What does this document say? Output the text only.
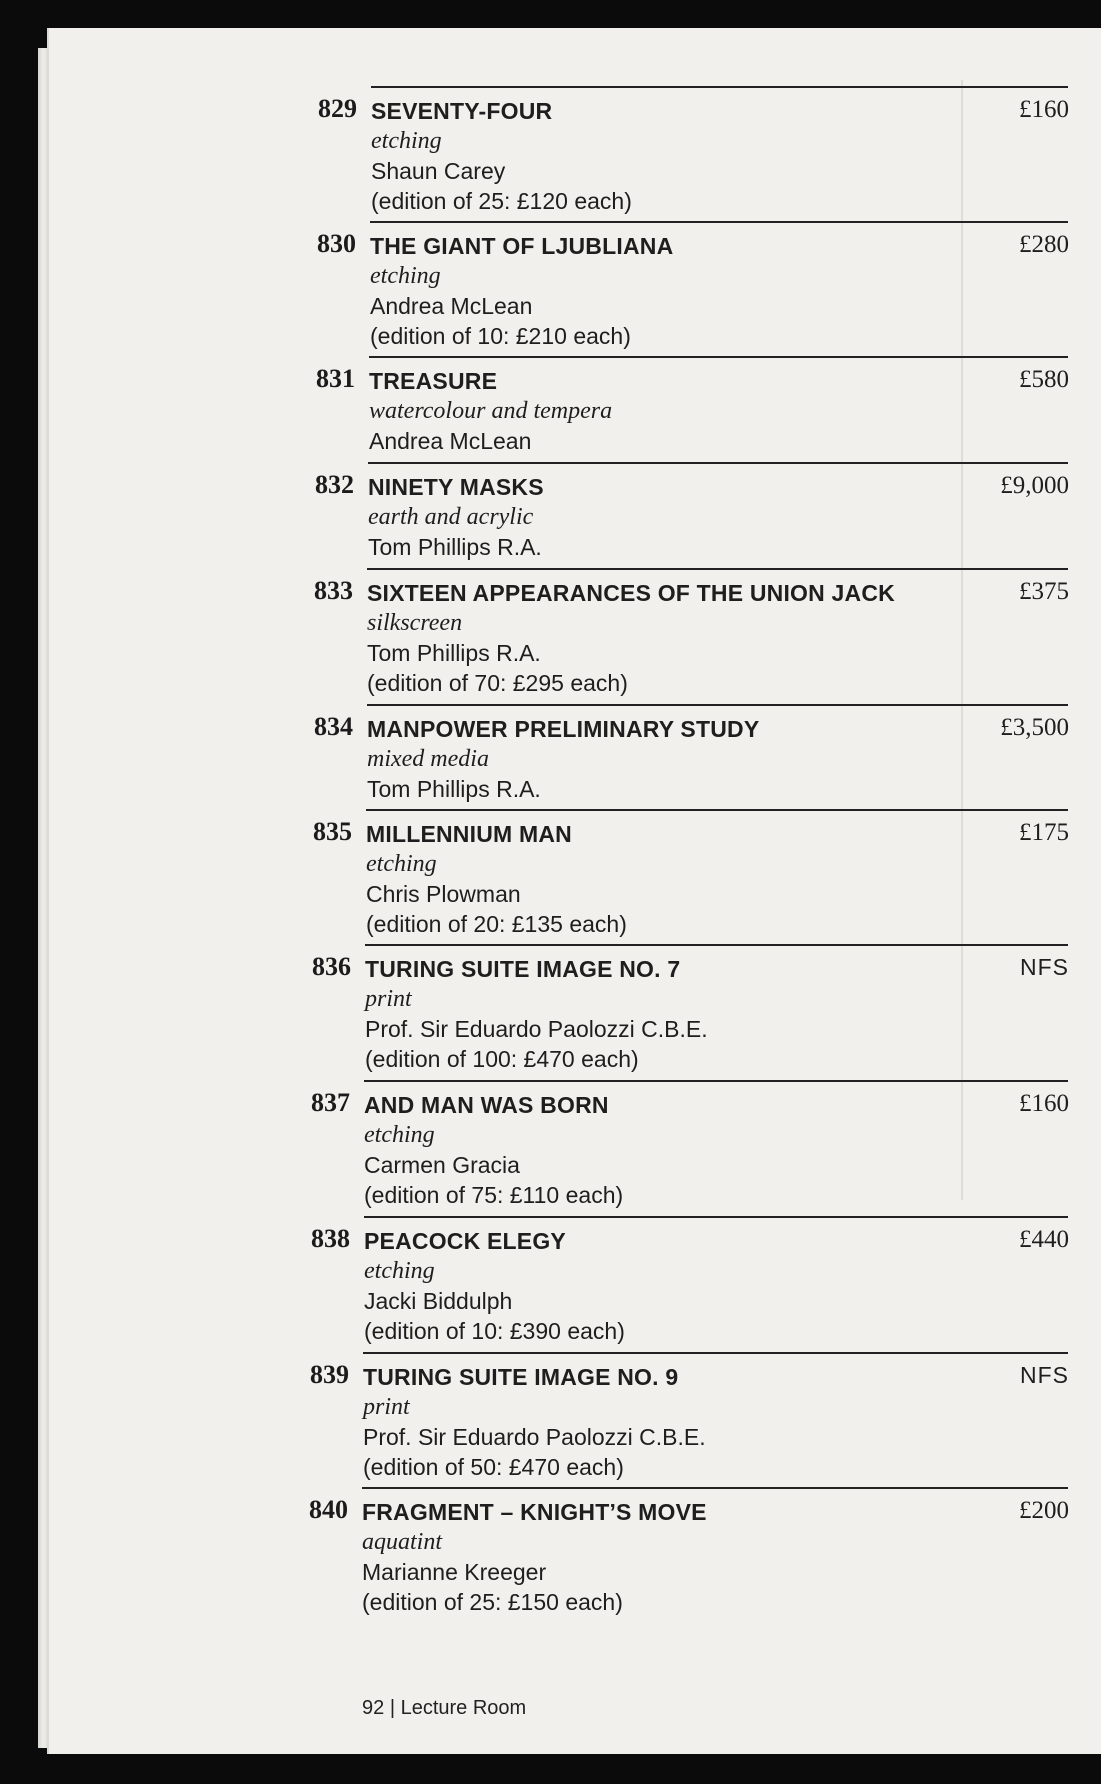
829 SEVENTY-FOUR
etching
Shaun Carey
(edition of 25: £120 each)
£160
830 THE GIANT OF LJUBLIANA
etching
Andrea McLean
(edition of 10: £210 each)
£280
831 TREASURE
watercolour and tempera
Andrea McLean
£580
832 NINETY MASKS
earth and acrylic
Tom Phillips R.A.
£9,000
833 SIXTEEN APPEARANCES OF THE UNION JACK
silkscreen
Tom Phillips R.A.
(edition of 70: £295 each)
£375
834 MANPOWER PRELIMINARY STUDY
mixed media
Tom Phillips R.A.
£3,500
835 MILLENNIUM MAN
etching
Chris Plowman
(edition of 20: £135 each)
£175
836 TURING SUITE IMAGE NO. 7
print
Prof. Sir Eduardo Paolozzi C.B.E.
(edition of 100: £470 each)
NFS
837 AND MAN WAS BORN
etching
Carmen Gracia
(edition of 75: £110 each)
£160
838 PEACOCK ELEGY
etching
Jacki Biddulph
(edition of 10: £390 each)
£440
839 TURING SUITE IMAGE NO. 9
print
Prof. Sir Eduardo Paolozzi C.B.E.
(edition of 50: £470 each)
NFS
840 FRAGMENT – KNIGHT’S MOVE
aquatint
Marianne Kreeger
(edition of 25: £150 each)
£200
92 | Lecture Room
